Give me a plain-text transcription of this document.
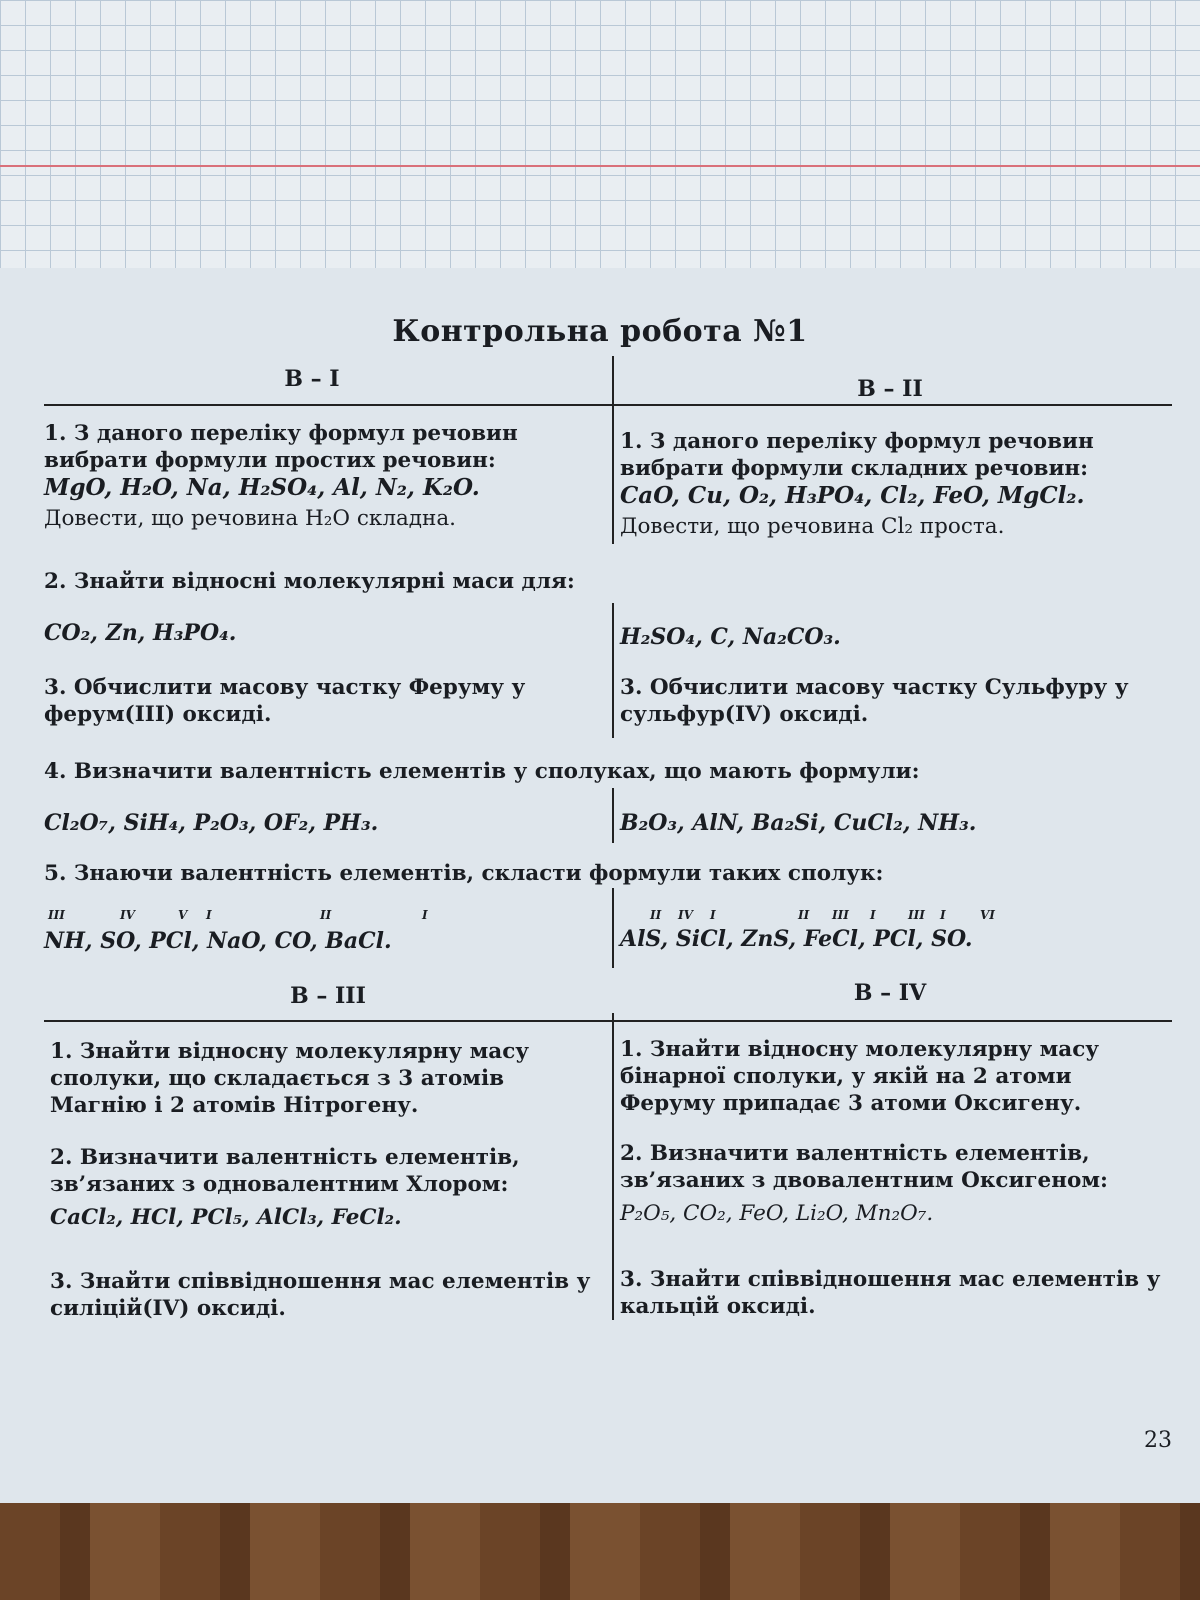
Контрольна робота №1
В – І	В – ІІ
1. З даного переліку формул речовин
вибрати формули простих речовин:
MgO, H₂O, Na, H₂SO₄, Al, N₂, K₂O.
Довести, що речовина H₂O складна.
1. З даного переліку формул речовин
вибрати формули складних речовин:
CaO, Cu, O₂, H₃PO₄, Cl₂, FeO, MgCl₂.
Довести, що речовина Cl₂ проста.
2. Знайти відносні молекулярні маси для:
CO₂, Zn, H₃PO₄.	H₂SO₄, C, Na₂CO₃.
3. Обчислити масову частку Феруму у
ферум(ІІІ) оксиді.
3. Обчислити масову частку Сульфуру у
сульфур(IV) оксиді.
4. Визначити валентність елементів у сполуках, що мають формули:
Cl₂O₇, SiH₄, P₂O₃, OF₂, PH₃.	B₂O₃, AlN, Ba₂Si, CuCl₂, NH₃.
5. Знаючи валентність елементів, скласти формули таких сполук:
NH, SO, PCl, NaO, CO, BaCl.
III	IV	V I	II	I
AlS, SiCl, ZnS, FeCl, PCl, SO.
II IV I	II III I	III I	VI
В – ІІІ	В – IV
1. Знайти відносну молекулярну масу
сполуки, що складається з 3 атомів
Магнію і 2 атомів Нітрогену.
2. Визначити валентність елементів,
зв’язаних з одновалентним Хлором:
CaCl₂, HCl, PCl₅, AlCl₃, FeCl₂.
3. Знайти співвідношення мас елементів у
силіцій(IV) оксиді.
1. Знайти відносну молекулярну масу
бінарної сполуки, у якій на 2 атоми
Феруму припадає 3 атоми Оксигену.
2. Визначити валентність елементів,
зв’язаних з двовалентним Оксигеном:
P₂O₅, CO₂, FeO, Li₂O, Mn₂O₇.
3. Знайти співвідношення мас елементів у
кальцій оксиді.
23
